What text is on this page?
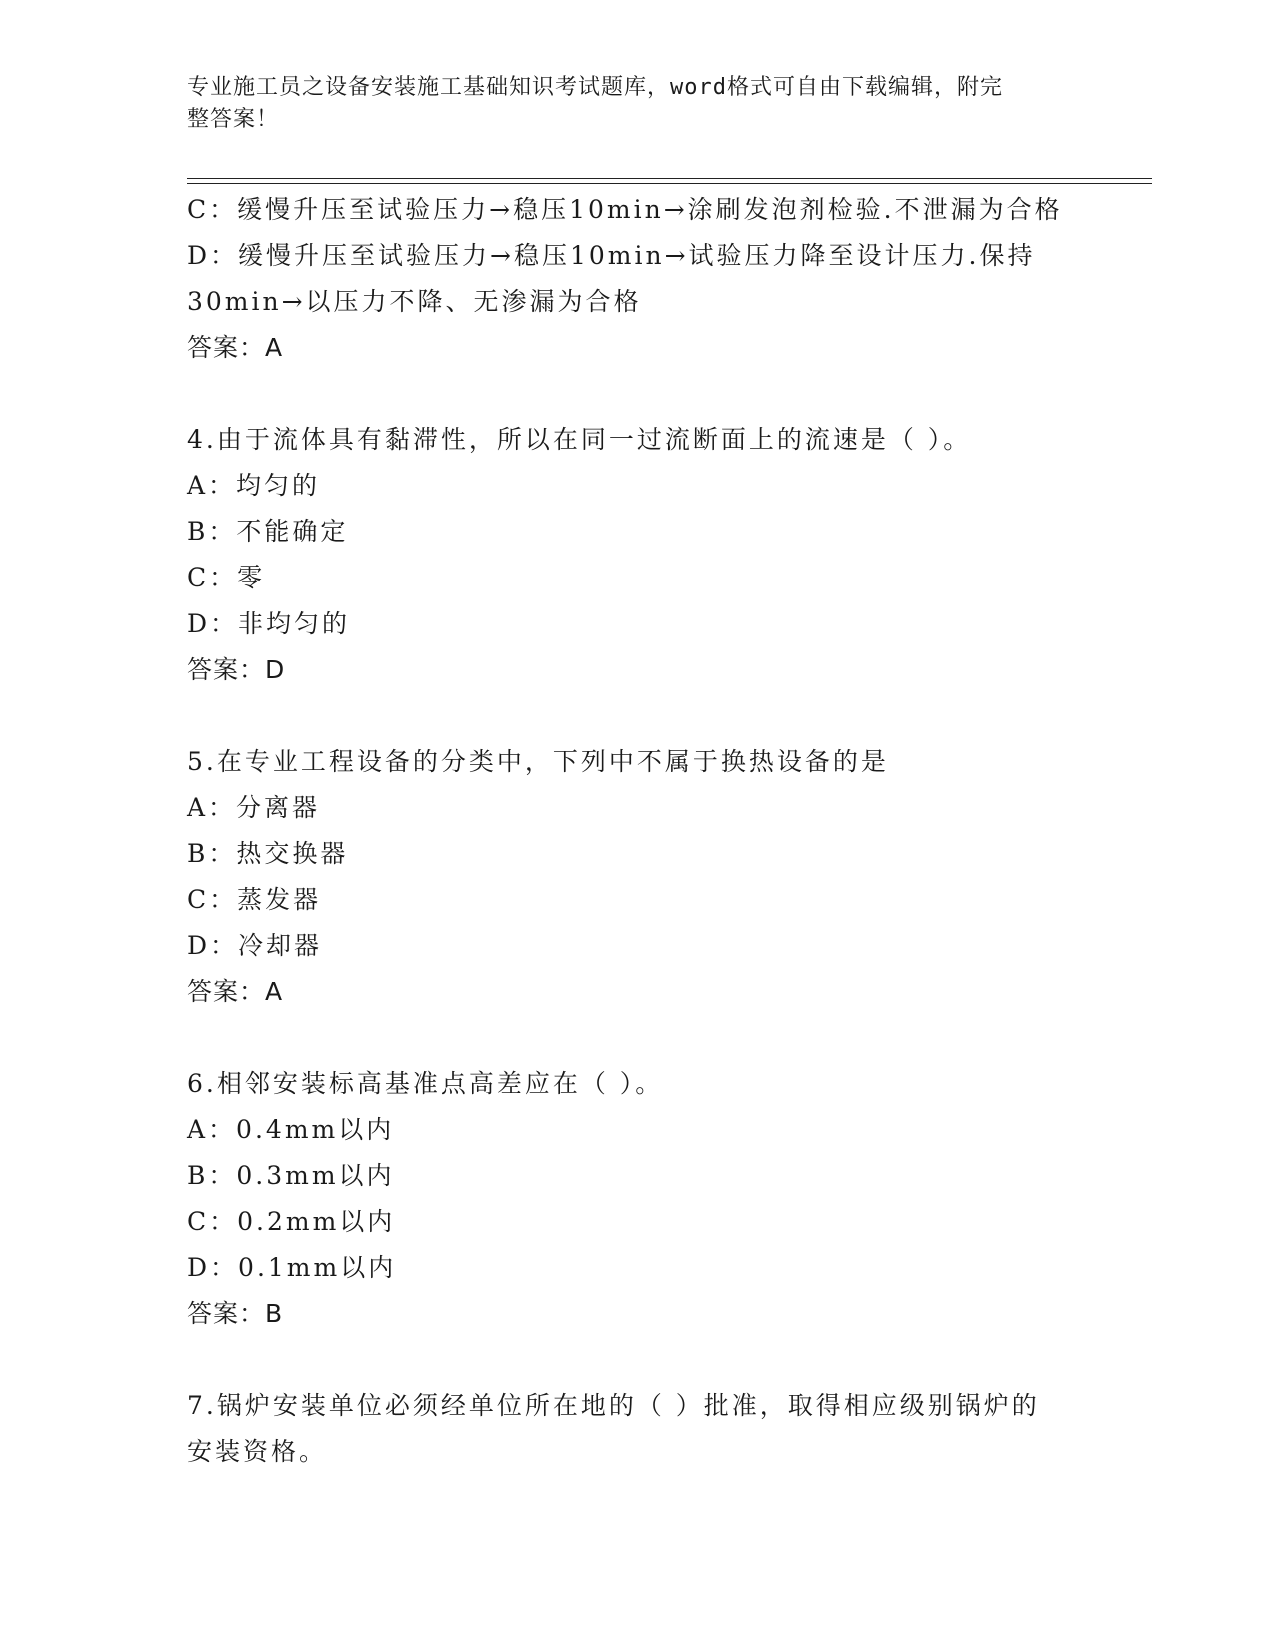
专业施工员之设备安装施工基础知识考试题库，word格式可自由下载编辑，附完
整答案！
C：缓慢升压至试验压力→稳压10min→涂刷发泡剂检验.不泄漏为合格
D：缓慢升压至试验压力→稳压10min→试验压力降至设计压力.保持
30min→以压力不降、无渗漏为合格
答案：A
4.由于流体具有黏滞性，所以在同一过流断面上的流速是（ ）。
A：均匀的
B：不能确定
C：零
D：非均匀的
答案：D
5.在专业工程设备的分类中，下列中不属于换热设备的是
A：分离器
B：热交换器
C：蒸发器
D：冷却器
答案：A
6.相邻安装标高基准点高差应在（ ）。
A：0.4mm以内
B：0.3mm以内
C：0.2mm以内
D：0.1mm以内
答案：B
7.锅炉安装单位必须经单位所在地的（ ）批准，取得相应级别锅炉的
安装资格。
